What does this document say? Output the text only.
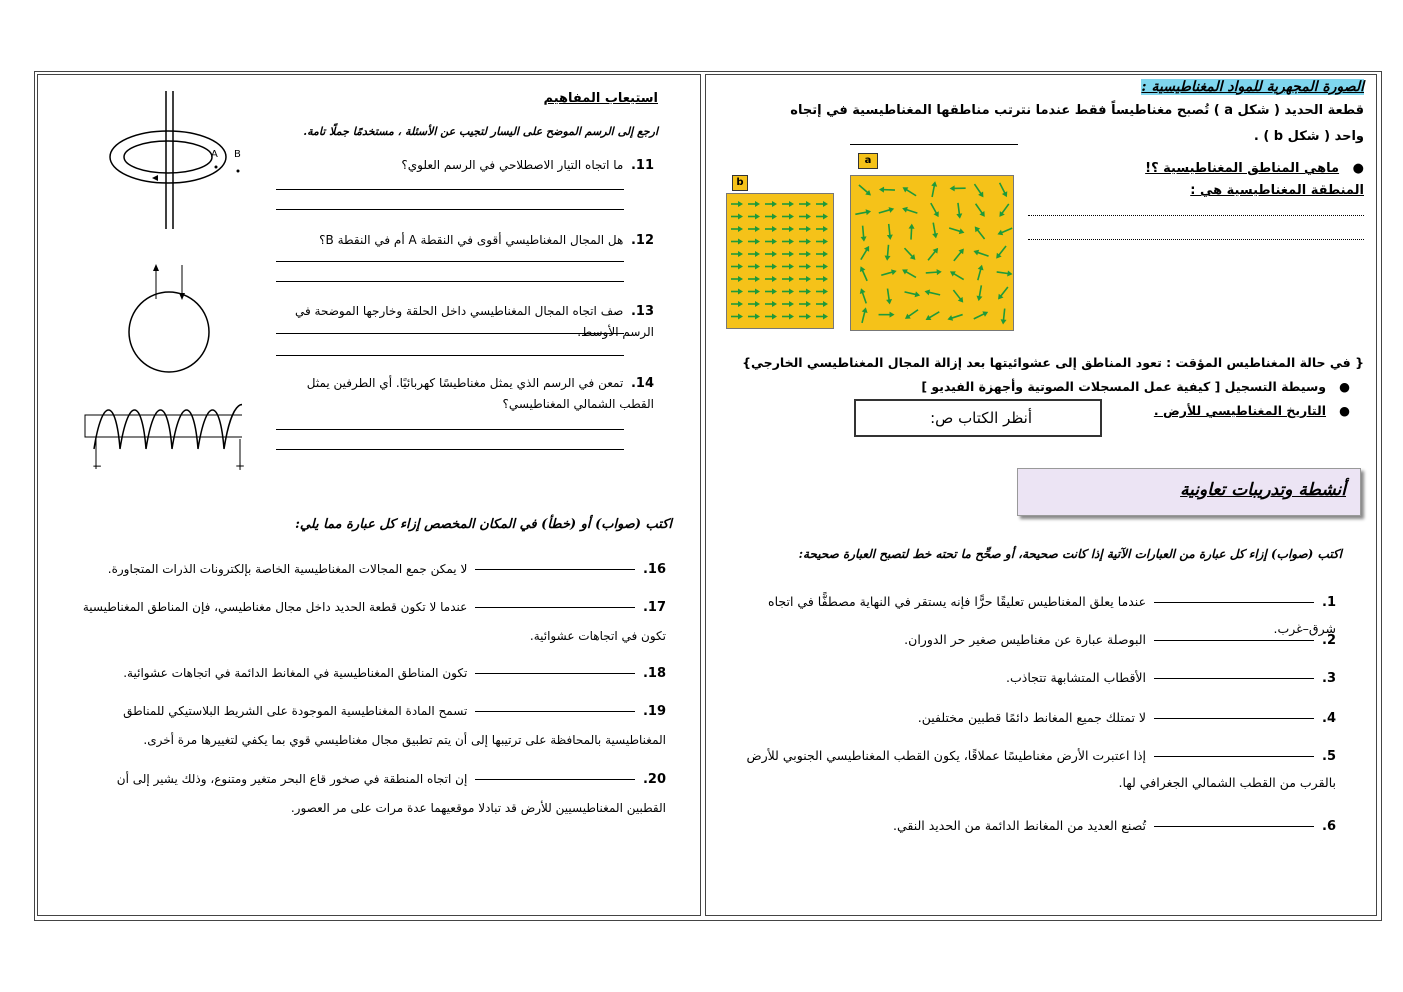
الصورة المجهرية للمواد المغناطيسية :
قطعة الحديد ( شكل a ) تُصبح مغناطيساً فقط عندما نترتب مناطقها المغناطيسية في إتجاه
واحد ( شكل b ) .
a
b
●   ماهي المناطق المغناطيسية ؟!
المنطقة المغناطيسية هي :
{ في حالة المغناطيس المؤقت : تعود المناطق إلى عشوائيتها بعد إزالة المجال المغناطيسي الخارجي}
●   وسيطة التسجيل [ كيفية عمل المسجلات الصوتية وأجهزة الفيديو ]
●   التاريخ المغناطيسي للأرض .
أنظر الكتاب ص:
أنشطة وتدريبات تعاونية
اكتب (صواب) إزاء كل عبارة من العبارات الآتية إذا كانت صحيحة، أو صحِّح ما تحته خط لتصبح العبارة صحيحة:
1.  عندما يعلق المغناطيس تعليقًا حرًّا فإنه يستقر في النهاية مصطفًّا في اتجاه شرق–غرب.
2.  البوصلة عبارة عن مغناطيس صغير حر الدوران.
3.  الأقطاب المتشابهة تتجاذب.
4.  لا تمتلك جميع المغانط دائمًا قطبين مختلفين.
5.  إذا اعتبرت الأرض مغناطيسًا عملاقًا، يكون القطب المغناطيسي الجنوبي للأرض بالقرب من القطب الشمالي الجغرافي لها.
6.  تُصنع العديد من المغانط الدائمة من الحديد النقي.
استيعاب المفاهيم
ارجع إلى الرسم الموضح على اليسار لتجيب عن الأسئلة ، مستخدمًا جملًا تامة.
A B
−	+
11.  ما اتجاه التيار الاصطلاحي في الرسم العلوي؟
12.  هل المجال المغناطيسي أقوى في النقطة A أم في النقطة B؟
13.  صف اتجاه المجال المغناطيسي داخل الحلقة وخارجها الموضحة في الرسم الأوسط.
14.  تمعن في الرسم الذي يمثل مغناطيسًا كهربائيًا. أي الطرفين يمثل القطب الشمالي المغناطيسي؟
اكتب (صواب) أو (خطأ) في المكان المخصص إزاء كل عبارة مما يلي:
16.  لا يمكن جمع المجالات المغناطيسية الخاصة بإلكترونات الذرات المتجاورة.
17.  عندما لا تكون قطعة الحديد داخل مجال مغناطيسي، فإن المناطق المغناطيسية تكون في اتجاهات عشوائية.
18.  تكون المناطق المغناطيسية في المغانط الدائمة في اتجاهات عشوائية.
19.  تسمح المادة المغناطيسية الموجودة على الشريط البلاستيكي للمناطق المغناطيسية بالمحافظة على ترتيبها إلى أن يتم تطبيق مجال مغناطيسي قوي بما يكفي لتغييرها مرة أخرى.
20.  إن اتجاه المنطقة في صخور قاع البحر متغير ومتنوع، وذلك يشير إلى أن القطبين المغناطيسيين للأرض قد تبادلا موقعيهما عدة مرات على مر العصور.
